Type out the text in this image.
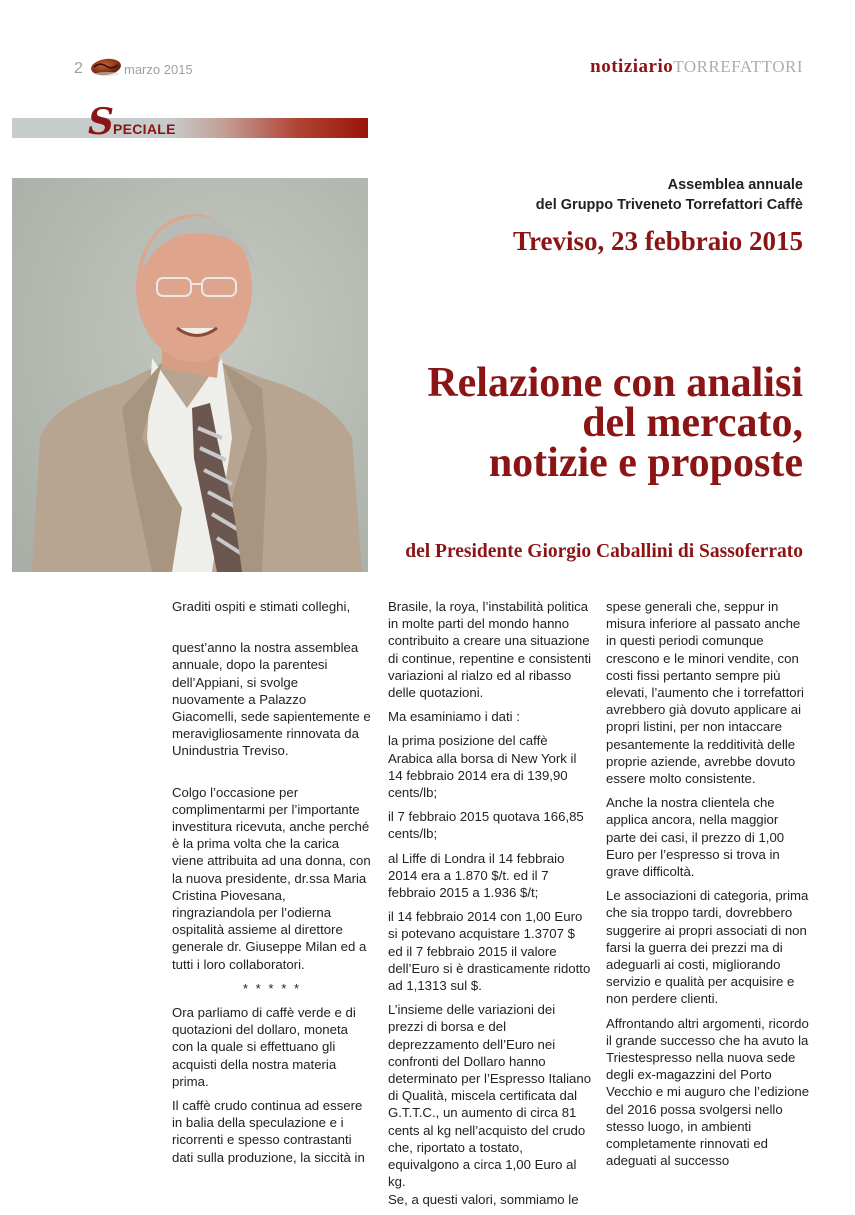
2	marzo 2015	notiziarioTORREFATTORI
S PECIALE
Assemblea annuale
del Gruppo Triveneto Torrefattori Caffè
Treviso, 23 febbraio 2015
Relazione con analisi
del mercato,
notizie e proposte
del Presidente Giorgio Caballini di Sassoferrato

Graditi ospiti e stimati colleghi,

quest’anno la nostra assemblea annuale, dopo la parentesi dell’Appiani, si svolge nuovamente a Palazzo Giacomelli, sede sapientemente e meravigliosamente rinnovata da Unindustria Treviso.

Colgo l’occasione per complimentarmi per l’importante investitura ricevuta, anche perché è la prima volta che la carica viene attribuita ad una donna, con la nuova presidente, dr.ssa Maria Cristina Piovesana, ringraziandola per l’odierna ospitalità assieme al direttore generale dr. Giuseppe Milan ed a tutti i loro collaboratori.

* * * * *

Ora parliamo di caffè verde e di quotazioni del dollaro, moneta con la quale si effettuano gli acquisti della nostra materia prima.

Il caffè crudo continua ad essere in balia della speculazione e i ricorrenti e spesso contrastanti dati sulla produzione, la siccità in

Brasile, la roya, l’instabilità politica in molte parti del mondo hanno contribuito a creare una situazione di continue, repentine e consistenti variazioni al rialzo ed al ribasso delle quotazioni.

Ma esaminiamo i dati :

la prima posizione del caffè Arabica alla borsa di New York il 14 febbraio 2014 era di 139,90 cents/lb;

il 7 febbraio 2015 quotava 166,85 cents/lb;

al Liffe di Londra il 14 febbraio 2014 era a 1.870 $/t. ed il 7 febbraio 2015 a 1.936 $/t;

il 14 febbraio 2014 con 1,00 Euro si potevano acquistare 1.3707 $ ed il 7 febbraio 2015 il valore dell’Euro si è drasticamente ridotto ad 1,1313 sul $.

L’insieme delle variazioni dei prezzi di borsa e del deprezzamento dell’Euro nei confronti del Dollaro hanno determinato per l’Espresso Italiano di Qualità, miscela certificata dal G.T.T.C., un aumento di circa 81 cents al kg nell’acquisto del crudo che, riportato a tostato, equivalgono a circa 1,00 Euro al kg.

Se, a questi valori, sommiamo le

spese generali che, seppur in misura inferiore al passato anche in questi periodi comunque crescono e le minori vendite, con costi fissi pertanto sempre più elevati, l’aumento che i torrefattori avrebbero già dovuto applicare ai propri listini, per non intaccare pesantemente la redditività delle proprie aziende, avrebbe dovuto essere molto consistente.

Anche la nostra clientela che applica ancora, nella maggior parte dei casi, il prezzo di 1,00 Euro per l’espresso si trova in grave difficoltà.

Le associazioni di categoria, prima che sia troppo tardi, dovrebbero suggerire ai propri associati di non farsi la guerra dei prezzi ma di adeguarli ai costi, migliorando servizio e qualità per acquisire e non perdere clienti.

Affrontando altri argomenti, ricordo il grande successo che ha avuto la Triestespresso nella nuova sede degli ex-magazzini del Porto Vecchio e mi auguro che l’edizione del 2016 possa svolgersi nello stesso luogo, in ambienti completamente rinnovati ed adeguati al successo
